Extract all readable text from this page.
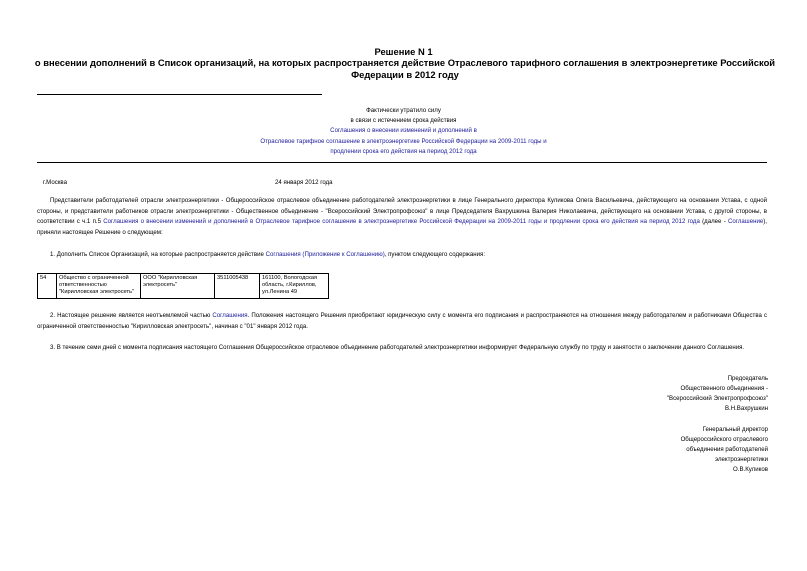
Решение N 1
о внесении дополнений в Список организаций, на которых распространяется действие Отраслевого тарифного соглашения в электроэнергетике Российской Федерации в 2012 году
Фактически утратило силу
в связи с истечением срока действия
Соглашения о внесении изменений и дополнений в
Отраслевое тарифное соглашение в электроэнергетике Российской Федерации на 2009-2011 годы и
продлении срока его действия на период 2012 года
г.Москва	24 января 2012 года
Представители работодателей отрасли электроэнергетики - Общероссийское отраслевое объединение работодателей электроэнергетики в лице Генерального директора Куликова Олега Васильевича, действующего на основании Устава, с одной стороны, и представители работников отрасли электроэнергетики - Общественное объединение - "Всероссийский Электропрофсоюз" в лице Председателя Вахрушкина Валерия Николаевича, действующего на основании Устава, с другой стороны, в соответствии с ч.1 п.5 Соглашения о внесении изменений и дополнений в Отраслевое тарифное соглашение в электроэнергетике Российской Федерации на 2009-2011 годы и продлении срока его действия на период 2012 года (далее - Соглашение), приняли настоящее Решение о следующем:
1. Дополнить Список Организаций, на которые распространяется действие Соглашения (Приложение к Соглашению), пунктом следующего содержания:
54	Общество с ограниченной ответственностью "Кирилловская электросеть"	ООО "Кирилловская электросеть"	3511005438	161100, Вологодская область, г.Кириллов, ул.Ленина 49
2. Настоящее решение является неотъемлемой частью Соглашения. Положения настоящего Решения приобретают юридическую силу с момента его подписания и распространяются на отношения между работодателем и работниками Общества с ограниченной ответственностью "Кирилловская электросеть", начиная с "01" января 2012 года.
3. В течение семи дней с момента подписания настоящего Соглашения Общероссийское отраслевое объединение работодателей электроэнергетики информирует Федеральную службу по труду и занятости о заключении данного Соглашения.
Председатель
Общественного объединения -
"Всероссийский Электропрофсоюз"
В.Н.Вахрушкин
Генеральный директор
Общероссийского отраслевого
объединения работодателей
электроэнергетики
О.В.Куликов
